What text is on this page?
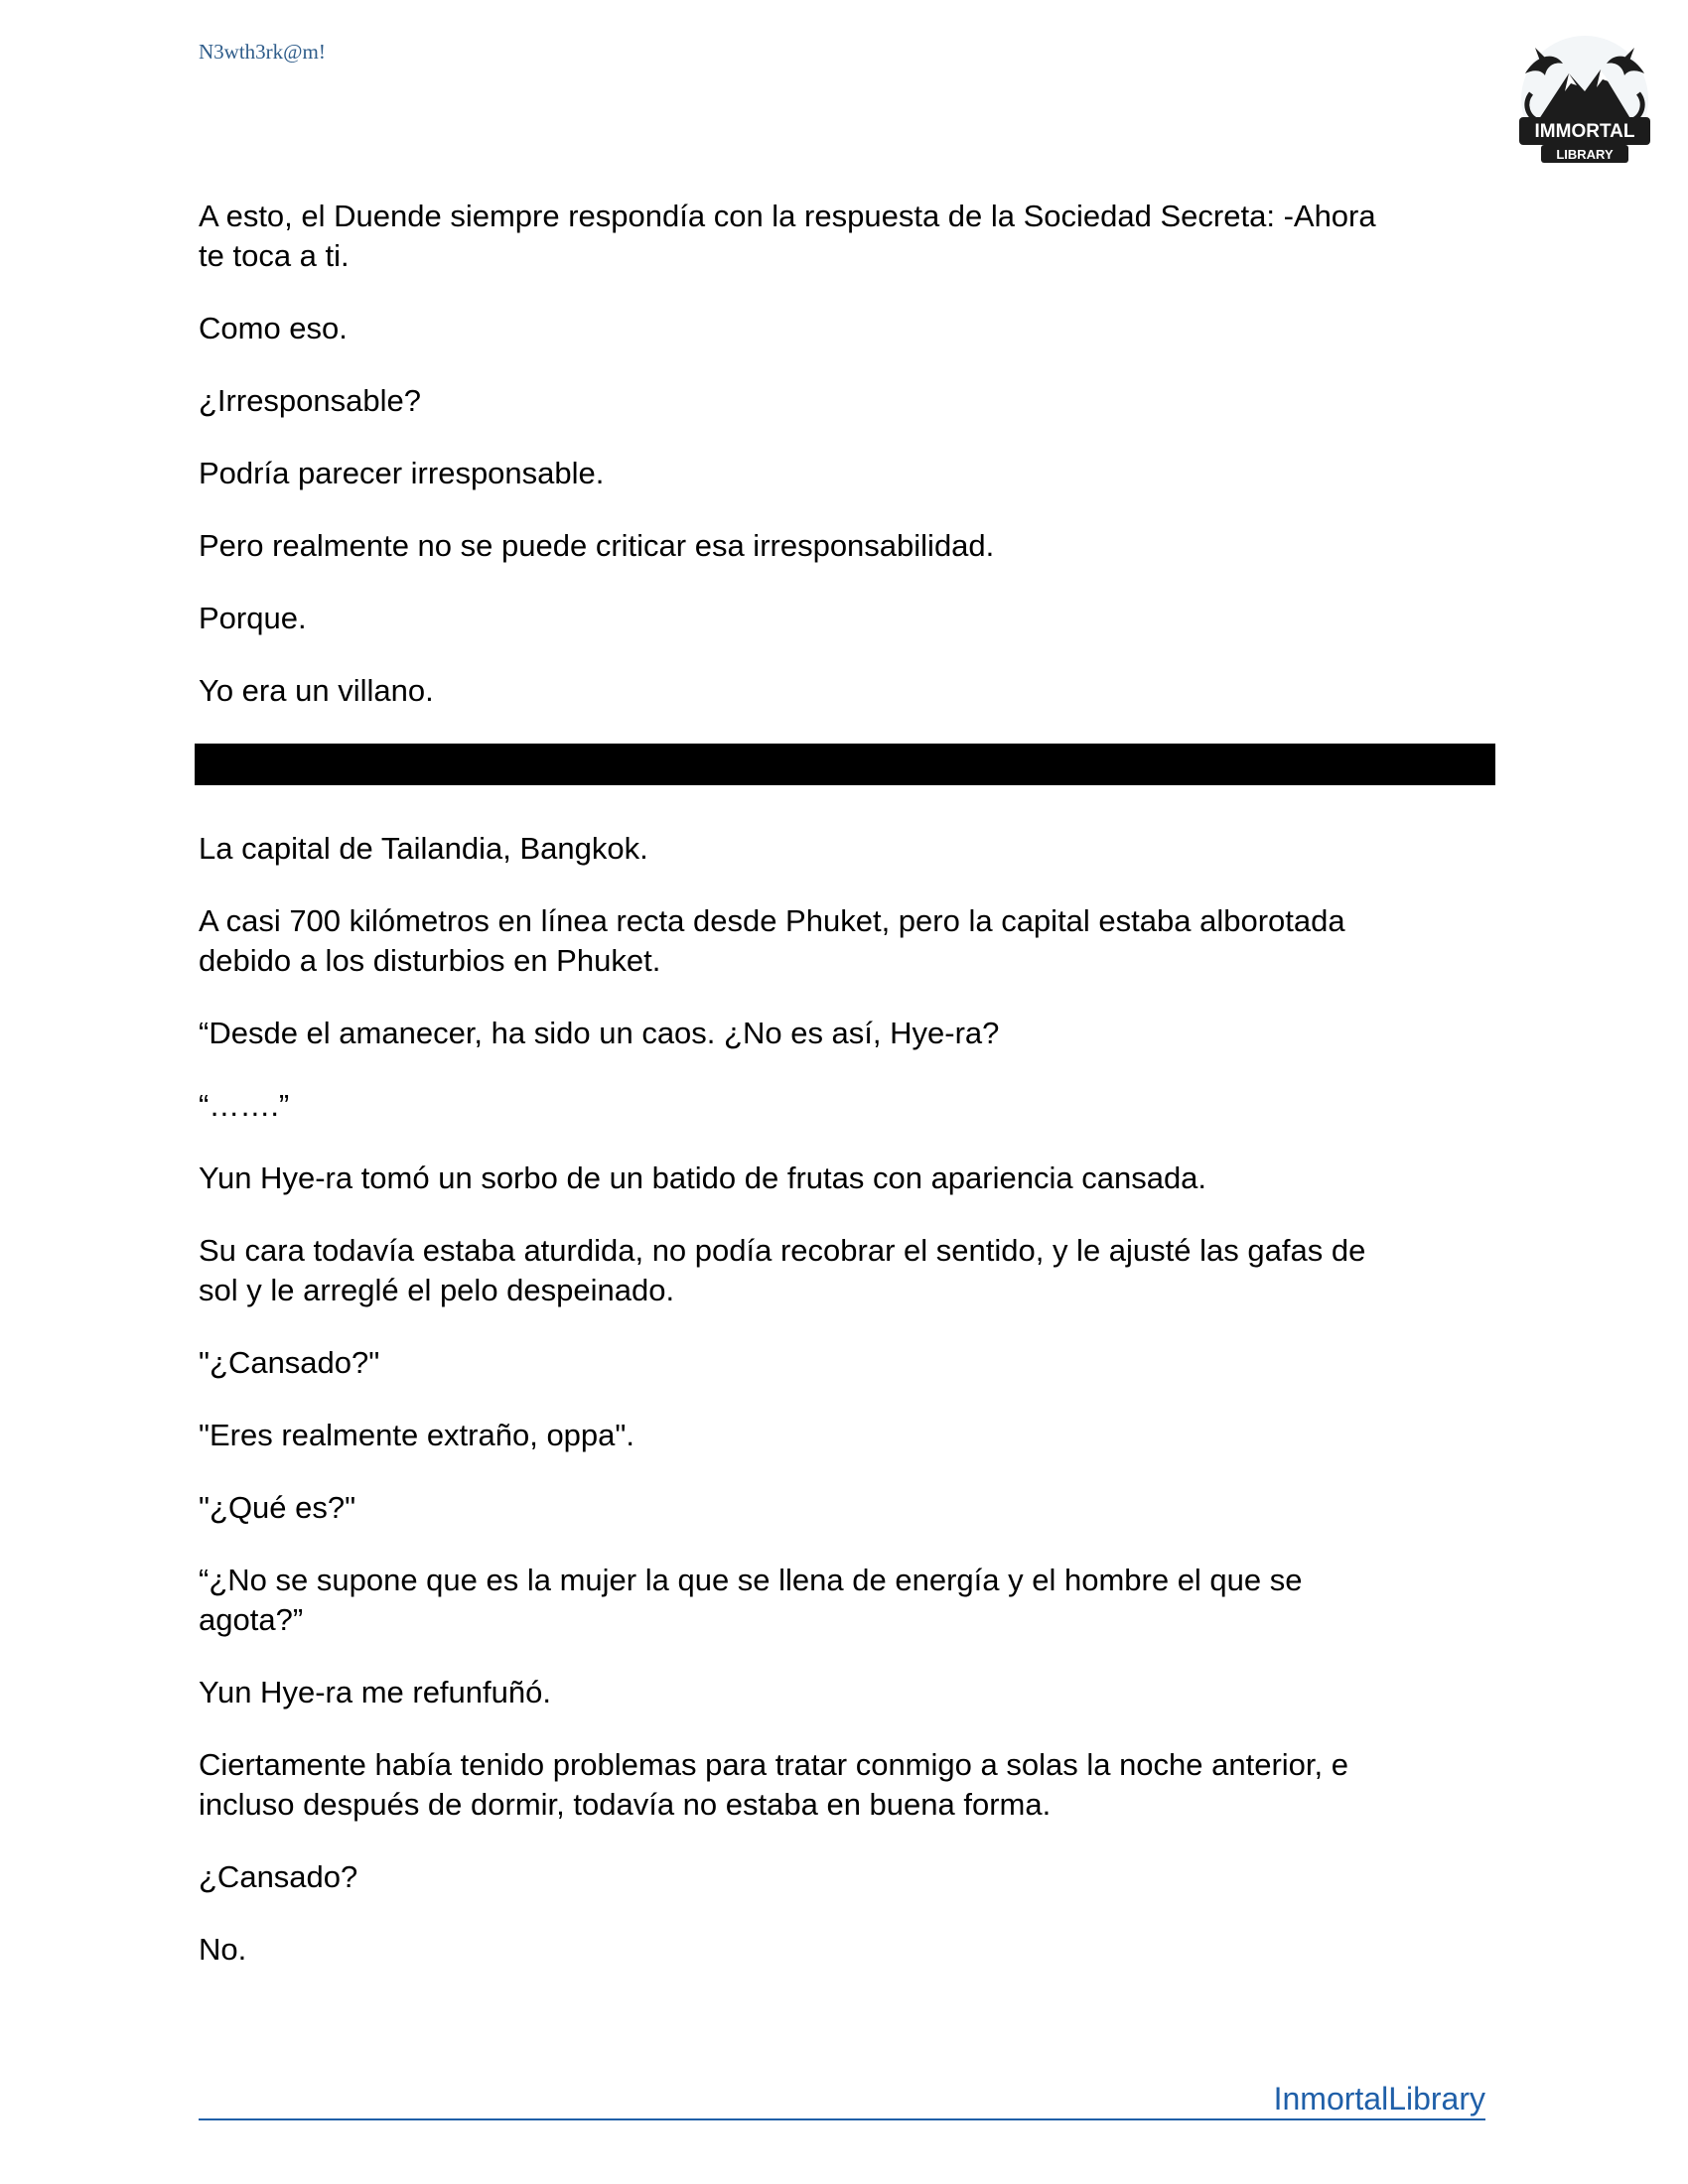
N3wth3rk@m!
IMMORTAL
LIBRARY

A esto, el Duende siempre respondía con la respuesta de la Sociedad Secreta: -Ahora
te toca a ti.

Como eso.

¿Irresponsable?

Podría parecer irresponsable.

Pero realmente no se puede criticar esa irresponsabilidad.

Porque.

Yo era un villano.

La capital de Tailandia, Bangkok.

A casi 700 kilómetros en línea recta desde Phuket, pero la capital estaba alborotada
debido a los disturbios en Phuket.

“Desde el amanecer, ha sido un caos. ¿No es así, Hye-ra?

“…….”

Yun Hye-ra tomó un sorbo de un batido de frutas con apariencia cansada.

Su cara todavía estaba aturdida, no podía recobrar el sentido, y le ajusté las gafas de
sol y le arreglé el pelo despeinado.

"¿Cansado?"

"Eres realmente extraño, oppa".

"¿Qué es?"

“¿No se supone que es la mujer la que se llena de energía y el hombre el que se
agota?”

Yun Hye-ra me refunfuñó.

Ciertamente había tenido problemas para tratar conmigo a solas la noche anterior, e
incluso después de dormir, todavía no estaba en buena forma.

¿Cansado?

No.

InmortalLibrary
